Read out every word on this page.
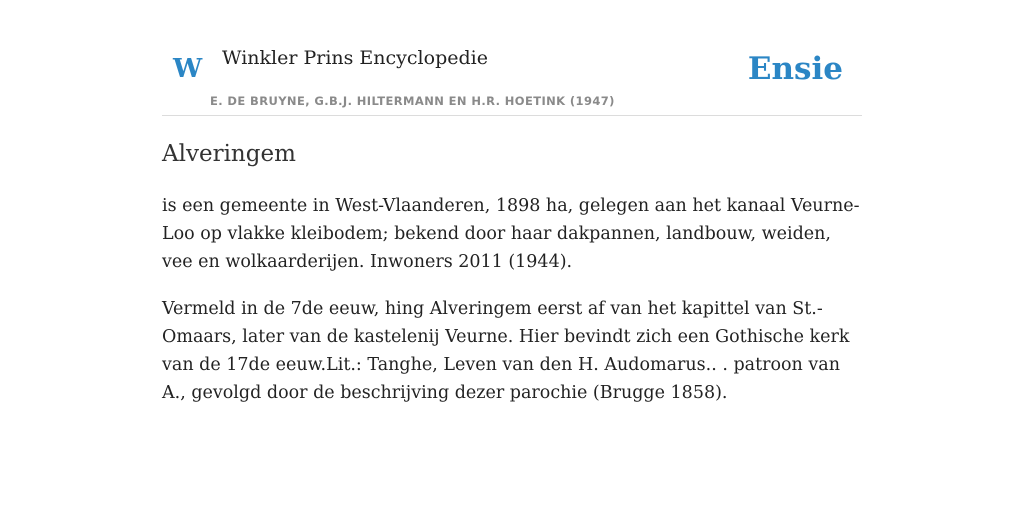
W Winkler Prins Encyclopedie
E. DE BRUYNE, G.B.J. HILTERMANN EN H.R. HOETINK (1947)
Ensie
Alveringem

is een gemeente in West-Vlaanderen, 1898 ha, gelegen aan het kanaal Veurne-Loo op vlakke kleibodem; bekend door haar dakpannen, landbouw, weiden, vee en wolkaarderijen. Inwoners 2011 (1944).

Vermeld in de 7de eeuw, hing Alveringem eerst af van het kapittel van St.-Omaars, later van de kastelenij Veurne. Hier bevindt zich een Gothische kerk van de 17de eeuw.Lit.: Tanghe, Leven van den H. Audomarus.. . patroon van A., gevolgd door de beschrijving dezer parochie (Brugge 1858).
